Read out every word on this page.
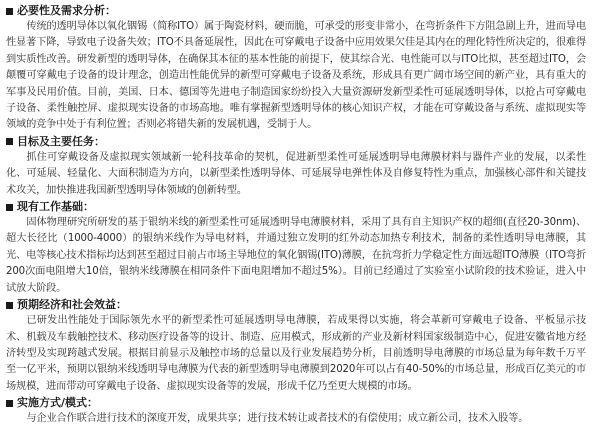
必要性及需求分析：

传统的透明导体以氧化铟锡（简称ITO）属于陶瓷材料，硬而脆，可承受的形变非常小，在弯折条件下方阻急剧上升，进而导电性显著下降，导致电子设备失效；ITO不具备延展性，因此在可穿戴电子设备中应用效果欠佳是其内在的理化特性所决定的，很难得到实质性改善。研发新型的透明导体，在确保其本征的基本性能的前提下，使其综合光、电性能可以与ITO比拟，甚至超过ITO，会颠覆可穿戴电子设备的设计理念，创造出性能优异的新型可穿戴电子设备及系统，形成具有更广阔市场空间的新产业，具有重大的军事及民用价值。目前，美国、日本、德国等先进电子制造国家纷纷投入大量资源研发新型柔性可延展透明导体，以抢占可穿戴电子设备、柔性触控屏、虚拟现实设备的市场高地。唯有掌握新型透明导体的核心知识产权，才能在可穿戴设备与系统、虚拟现实等领域的竞争中处于有利位置；否则必将错失新的发展机遇，受制于人。

目标及主要任务：

抓住可穿戴设备及虚拟现实领域新一轮科技革命的契机，促进新型柔性可延展透明导电薄膜材料与器件产业的发展，以柔性化、可延展、轻量化、大面积制造为方向，以新型柔性透明导体、可延展导电弹性体及自修复特性为重点，加强核心部件和关键技术攻关，加快推进我国新型透明导体领域的创新转型。

现有工作基础：

固体物理研究所研发的基于银纳米线的新型柔性可延展透明导电薄膜材料，采用了具有自主知识产权的超细(直径20-30nm)、超大长径比（1000-4000）的银纳米线作为导电材料，并通过独立发明的红外动态加热专利技术，制备的柔性透明导电薄膜，其光、电等核心技术指标均达到甚至超过目前占市场主导地位的氧化铟锡(ITO)薄膜，在抗弯折力学稳定性方面远超ITO薄膜（ITO弯折200次面电阻增大10倍，银纳米线薄膜在相同条件下面电阻增加不超过5%）。目前已经通过了实验室小试阶段的技术验证，进入中试放大阶段。

预期经济和社会效益：

已研发出性能处于国际领先水平的新型柔性可延展透明导电薄膜，若成果得以实施，将会革新可穿戴电子设备、平板显示技术、机载及车载触控技术、移动医疗设备等的设计、制造、应用模式，形成新的产业及新材料国家级制造中心，促进安徽省地方经济转型及实现跨越式发展。根据目前显示及触控市场的总量以及行业发展趋势分析，目前透明导电薄膜的市场总量为每年数千万平至一亿平米，预期以银纳米线透明导电薄膜为代表的新型透明导电薄膜到2020年可以占有40-50%的市场总量，形成百亿美元的市场规模，进而带动可穿戴电子设备、虚拟现实设备等的发展，形成千亿乃至更大规模的市场。

实施方式/模式：

与企业合作联合进行技术的深度开发，成果共享；进行技术转让或者技术的有偿使用；成立新公司，技术入股等。
